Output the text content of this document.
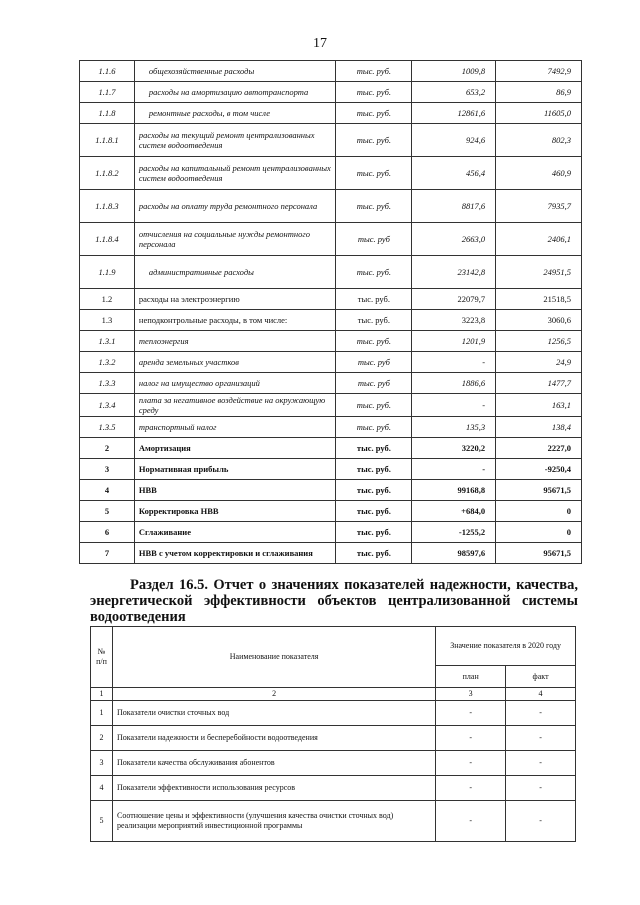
17
1.1.6	общехозяйственные расходы	тыс. руб.	1009,8	7492,9
1.1.7	расходы на амортизацию автотранспорта	тыс. руб.	653,2	86,9
1.1.8	ремонтные расходы, в том числе	тыс. руб.	12861,6	11605,0
1.1.8.1	расходы на текущий ремонт централизованных систем водоотведения	тыс. руб.	924,6	802,3
1.1.8.2	расходы на капитальный ремонт централизованных систем водоотведения	тыс. руб.	456,4	460,9
1.1.8.3	расходы на оплату труда ремонтного персонала	тыс. руб.	8817,6	7935,7
1.1.8.4	отчисления на социальные нужды ремонтного персонала	тыс. руб	2663,0	2406,1
1.1.9	административные расходы	тыс. руб.	23142,8	24951,5
1.2	расходы на электроэнергию	тыс. руб.	22079,7	21518,5
1.3	неподконтрольные расходы, в том числе:	тыс. руб.	3223,8	3060,6
1.3.1	теплоэнергия	тыс. руб.	1201,9	1256,5
1.3.2	аренда земельных участков	тыс. руб	-	24,9
1.3.3	налог на имущество организаций	тыс. руб	1886,6	1477,7
1.3.4	плата за негативное воздействие на окружающую среду	тыс. руб.	-	163,1
1.3.5	транспортный налог	тыс. руб.	135,3	138,4
2	Амортизация	тыс. руб.	3220,2	2227,0
3	Нормативная прибыль	тыс. руб.	-	-9250,4
4	НВВ	тыс. руб.	99168,8	95671,5
5	Корректировка НВВ	тыс. руб.	+684,0	0
6	Сглаживание	тыс. руб.	-1255,2	0
7	НВВ с учетом корректировки и сглаживания	тыс. руб.	98597,6	95671,5
Раздел 16.5. Отчет о значениях показателей надежности, качества, энергетической эффективности объектов централизованной системы водоотведения
№ п/п	Наименование показателя	Значение показателя в 2020 году	
		план	факт
1	2	3	4
1	Показатели очистки сточных вод	-	-
2	Показатели надежности и бесперебойности водоотведения	-	-
3	Показатели качества обслуживания абонентов	-	-
4	Показатели эффективности использования ресурсов	-	-
5	Соотношение цены и эффективности (улучшения качества очистки сточных вод) реализации мероприятий инвестиционной программы	-	-
